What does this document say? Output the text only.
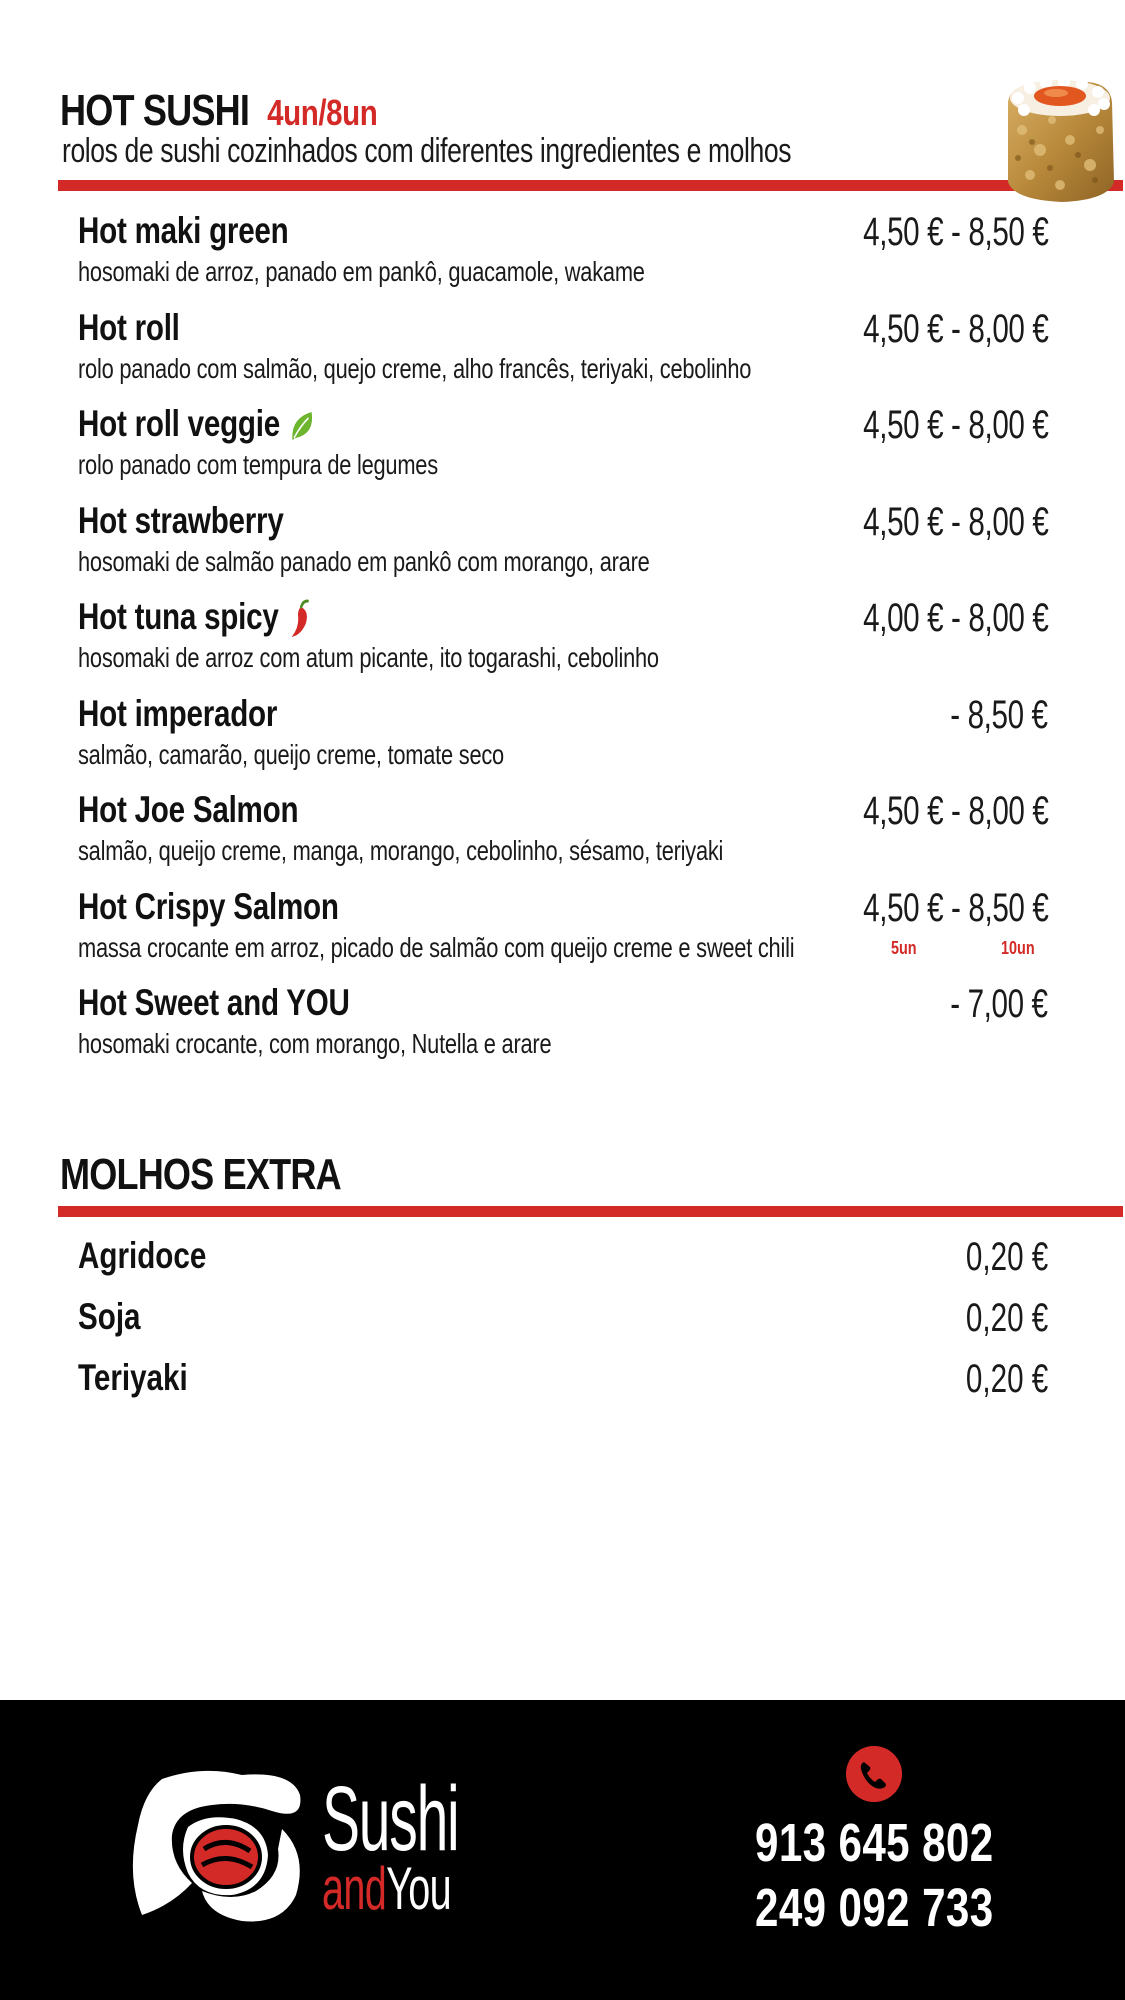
HOT SUSHI 4un/8un
rolos de sushi cozinhados com diferentes ingredientes e molhos
Hot maki green
hosomaki de arroz, panado em pankô, guacamole, wakame
4,50 € - 8,50 €
Hot roll
rolo panado com salmão, quejo creme, alho francês, teriyaki, cebolinho
4,50 € - 8,00 €
Hot roll veggie
rolo panado com tempura de legumes
4,50 € - 8,00 €
Hot strawberry
hosomaki de salmão panado em pankô com morango, arare
4,50 € - 8,00 €
Hot tuna spicy
hosomaki de arroz com atum picante, ito togarashi, cebolinho
4,00 € - 8,00 €
Hot imperador
salmão, camarão, queijo creme, tomate seco
- 8,50 €
Hot Joe Salmon
salmão, queijo creme, manga, morango, cebolinho, sésamo, teriyaki
4,50 € - 8,00 €
Hot Crispy Salmon
massa crocante em arroz, picado de salmão com queijo creme e sweet chili
4,50 € - 8,50 €
5un	10un
Hot Sweet and YOU
hosomaki crocante, com morango, Nutella e arare
- 7,00 €
MOLHOS EXTRA
Agridoce	0,20 €
Soja	0,20 €
Teriyaki	0,20 €
Sushi
andYou
913 645 802
249 092 733
